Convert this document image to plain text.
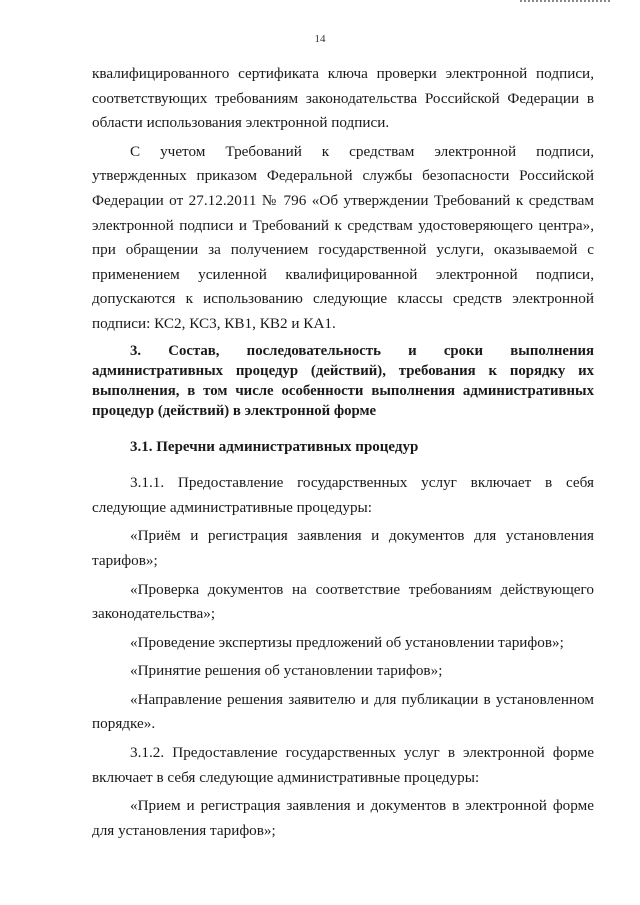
14

квалифицированного сертификата ключа проверки электронной подписи, соответствующих требованиям законодательства Российской Федерации в области использования электронной подписи.

С учетом Требований к средствам электронной подписи, утвержденных приказом Федеральной службы безопасности Российской Федерации от 27.12.2011 № 796 «Об утверждении Требований к средствам электронной подписи и Требований к средствам удостоверяющего центра», при обращении за получением государственной услуги, оказываемой с применением усиленной квалифицированной электронной подписи, допускаются к использованию следующие классы средств электронной подписи: КС2, КС3, КВ1, КВ2 и КА1.

3. Состав, последовательность и сроки выполнения административных процедур (действий), требования к порядку их выполнения, в том числе особенности выполнения административных процедур (действий) в электронной форме

3.1. Перечни административных процедур

3.1.1. Предоставление государственных услуг включает в себя следующие административные процедуры:

«Приём и регистрация заявления и документов для установления тарифов»;

«Проверка документов на соответствие требованиям действующего законодательства»;

«Проведение экспертизы предложений об установлении тарифов»;

«Принятие решения об установлении тарифов»;

«Направление решения заявителю и для публикации в установленном порядке».

3.1.2. Предоставление государственных услуг в электронной форме включает в себя следующие административные процедуры:

«Прием и регистрация заявления и документов в электронной форме для установления тарифов»;
